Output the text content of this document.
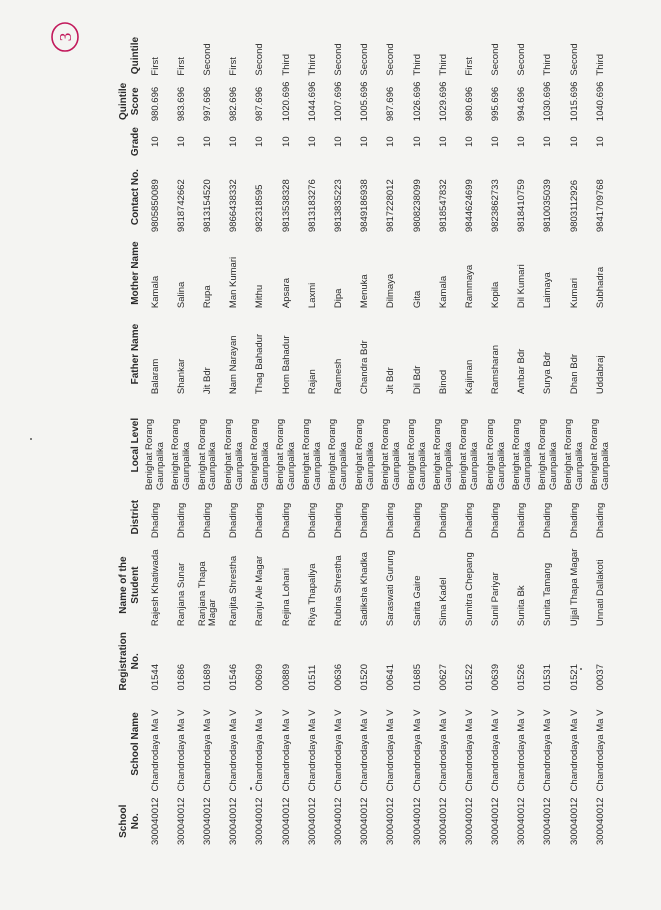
3
School No.	School Name	Registration No.	Name of the Student	District	Local Level	Father Name	Mother Name	Contact No.	Grade	Quintile Score	Quintile
300040012	Chandrodaya Ma V	01544	Rajesh Khatiwada	Dhading	Benighat Rorang Gaunpalika	Balaram	Kamala	9805850089	10	980.696	First
300040012	Chandrodaya Ma V	01686	Ranjana Sunar	Dhading	Benighat Rorang Gaunpalika	Shankar	Salina	9818742662	10	983.696	First
300040012	Chandrodaya Ma V	01689	Ranjana Thapa Magar	Dhading	Benighat Rorang Gaunpalika	Jit Bdr	Rupa	9813154520	10	997.696	Second
300040012	Chandrodaya Ma V	01546	Ranjita Shrestha	Dhading	Benighat Rorang Gaunpalika	Nam Narayan	Man Kumari	9866438332	10	982.696	First
300040012	Chandrodaya Ma V	00609	Ranju Ale Magar	Dhading	Benighat Rorang Gaunpalika	Thag Bahadur	Mithu	982318595	10	987.696	Second
300040012	Chandrodaya Ma V	00889	Rejina Lohani	Dhading	Benighat Rorang Gaunpalika	Hom Bahadur	Apsara	9813538328	10	1020.696	Third
300040012	Chandrodaya Ma V	01511	Riya Thapaliya	Dhading	Benighat Rorang Gaunpalika	Rajan	Laxmi	9813183276	10	1044.696	Third
300040012	Chandrodaya Ma V	00636	Rubina Shrestha	Dhading	Benighat Rorang Gaunpalika	Ramesh	Dipa	9813835223	10	1007.696	Second
300040012	Chandrodaya Ma V	01520	Sadiksha Khadka	Dhading	Benighat Rorang Gaunpalika	Chandra Bdr	Menuka	9849186938	10	1005.696	Second
300040012	Chandrodaya Ma V	00641	Saraswati Gurung	Dhading	Benighat Rorang Gaunpalika	Jit Bdr	Dilmaya	9817228012	10	987.696	Second
300040012	Chandrodaya Ma V	01685	Sarita Gaire	Dhading	Benighat Rorang Gaunpalika	Dil Bdr	Gita	9808238099	10	1026.696	Third
300040012	Chandrodaya Ma V	00627	Sima Kadel	Dhading	Benighat Rorang Gaunpalika	Binod	Kamala	9818547832	10	1029.696	Third
300040012	Chandrodaya Ma V	01522	Sumitra Chepang	Dhading	Benighat Rorang Gaunpalika	Kajiman	Rammaya	9844624699	10	980.696	First
300040012	Chandrodaya Ma V	00639	Sunil Pariyar	Dhading	Benighat Rorang Gaunpalika	Ramsharan	Kopila	9823862733	10	995.696	Second
300040012	Chandrodaya Ma V	01526	Sunita Bk	Dhading	Benighat Rorang Gaunpalika	Ambar Bdr	Dil Kumari	9818410759	10	994.696	Second
300040012	Chandrodaya Ma V	01531	Sunita Tamang	Dhading	Benighat Rorang Gaunpalika	Surya Bdr	Laimaya	9810035039	10	1030.696	Third
300040012	Chandrodaya Ma V	01521	Ujjal Thapa Magar	Dhading	Benighat Rorang Gaunpalika	Dhan Bdr	Kumari	9803112926	10	1015.696	Second
300040012	Chandrodaya Ma V	00037	Unnati Dallakoti	Dhading	Benighat Rorang Gaunpalika	Uddabraj	Subhadra	9841709768	10	1040.696	Third
